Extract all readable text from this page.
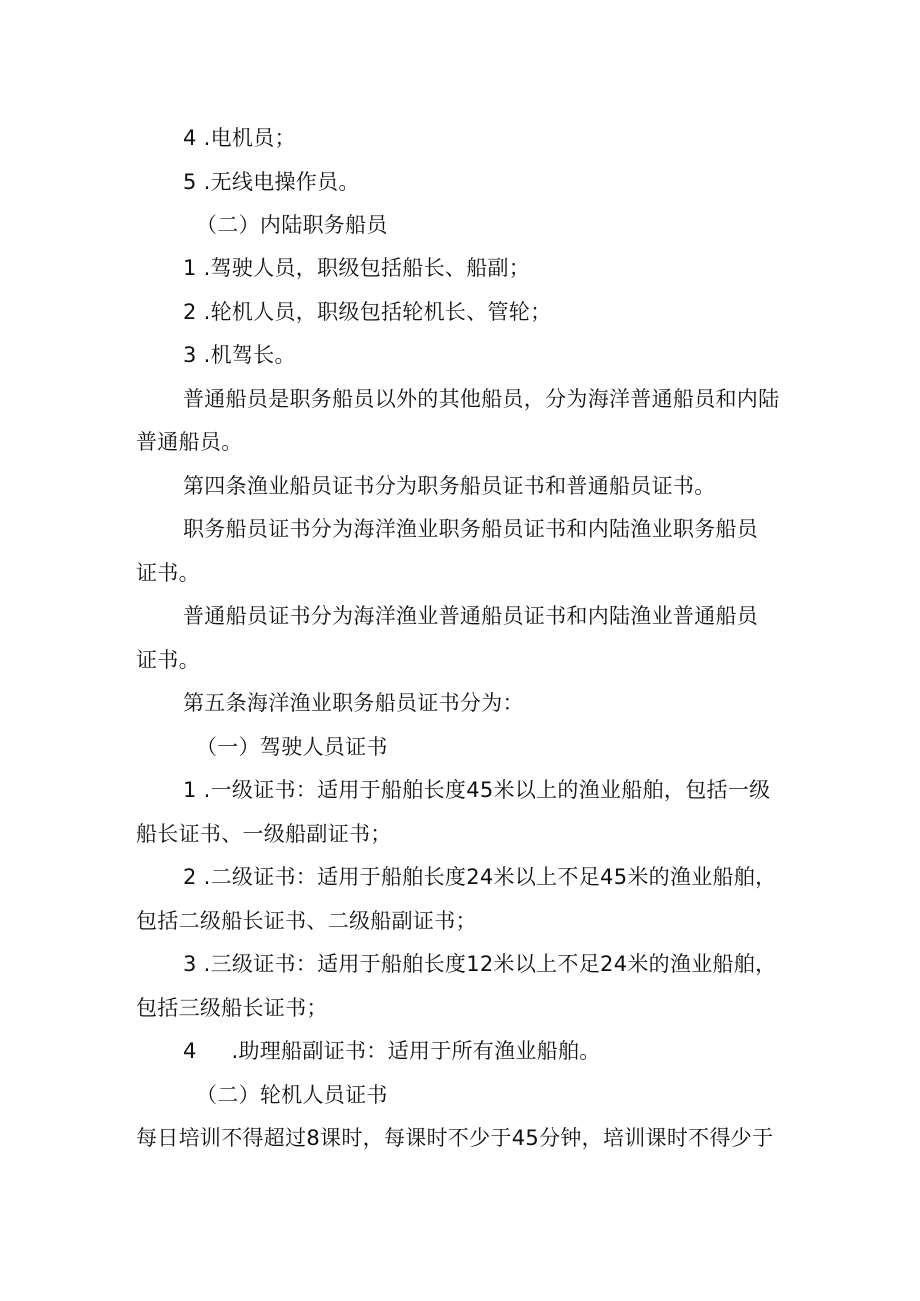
4 .电机员；
5 .无线电操作员。
（二）内陆职务船员
1 .驾驶人员，职级包括船长、船副；
2 .轮机人员，职级包括轮机长、管轮；
3 .机驾长。
普通船员是职务船员以外的其他船员，分为海洋普通船员和内陆
普通船员。
第四条渔业船员证书分为职务船员证书和普通船员证书。
职务船员证书分为海洋渔业职务船员证书和内陆渔业职务船员
证书。
普通船员证书分为海洋渔业普通船员证书和内陆渔业普通船员
证书。
第五条海洋渔业职务船员证书分为：
（一）驾驶人员证书
1 .一级证书：适用于船舶长度45米以上的渔业船舶，包括一级
船长证书、一级船副证书；
2 .二级证书：适用于船舶长度24米以上不足45米的渔业船舶，
包括二级船长证书、二级船副证书；
3 .三级证书：适用于船舶长度12米以上不足24米的渔业船舶，
包括三级船长证书；
4     .助理船副证书：适用于所有渔业船舶。
（二）轮机人员证书
每日培训不得超过8课时，每课时不少于45分钟，培训课时不得少于
